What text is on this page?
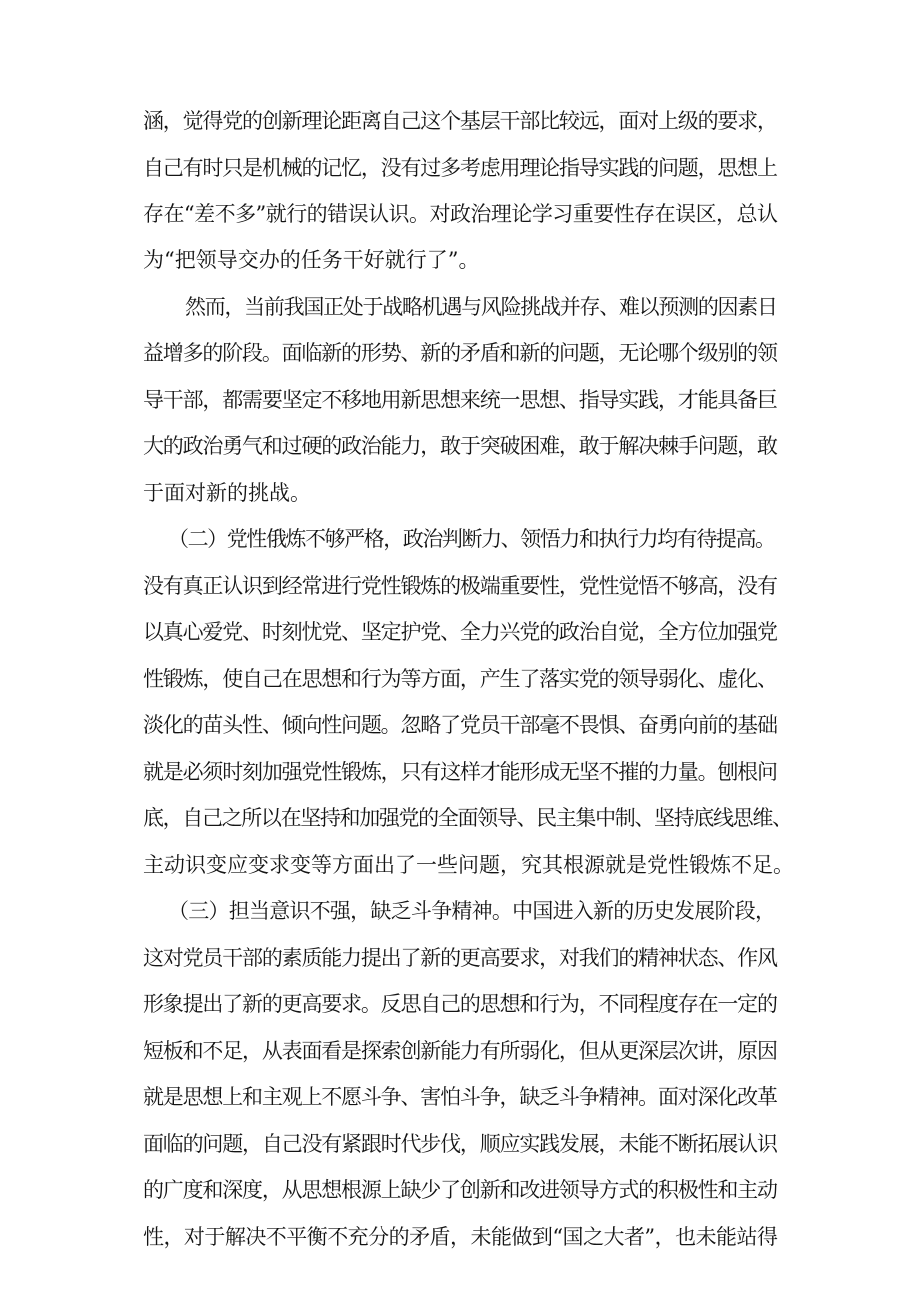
涵，觉得党的创新理论距离自己这个基层干部比较远，面对上级的要求，
自己有时只是机械的记忆，没有过多考虑用理论指导实践的问题，思想上
存在“差不多”就行的错误认识。对政治理论学习重要性存在误区，总认
为“把领导交办的任务干好就行了”。
然而，当前我国正处于战略机遇与风险挑战并存、难以预测的因素日
益增多的阶段。面临新的形势、新的矛盾和新的问题，无论哪个级别的领
导干部，都需要坚定不移地用新思想来统一思想、指导实践，才能具备巨
大的政治勇气和过硬的政治能力，敢于突破困难，敢于解决棘手问题，敢
于面对新的挑战。
（二）党性俄炼不够严格，政治判断力、领悟力和执行力均有待提高。
没有真正认识到经常进行党性锻炼的极端重要性，党性觉悟不够高，没有
以真心爱党、时刻忧党、坚定护党、全力兴党的政治自觉，全方位加强党
性锻炼，使自己在思想和行为等方面，产生了落实党的领导弱化、虚化、
淡化的苗头性、倾向性问题。忽略了党员干部毫不畏惧、奋勇向前的基础
就是必须时刻加强党性锻炼，只有这样才能形成无坚不摧的力量。刨根问
底，自己之所以在坚持和加强党的全面领导、民主集中制、坚持底线思维、
主动识变应变求变等方面出了一些问题，究其根源就是党性锻炼不足。
（三）担当意识不强，缺乏斗争精神。中国进入新的历史发展阶段，
这对党员干部的素质能力提出了新的更高要求，对我们的精神状态、作风
形象提出了新的更高要求。反思自己的思想和行为，不同程度存在一定的
短板和不足，从表面看是探索创新能力有所弱化，但从更深层次讲，原因
就是思想上和主观上不愿斗争、害怕斗争，缺乏斗争精神。面对深化改革
面临的问题，自己没有紧跟时代步伐，顺应实践发展，未能不断拓展认识
的广度和深度，从思想根源上缺少了创新和改进领导方式的积极性和主动
性，对于解决不平衡不充分的矛盾，未能做到“国之大者”，也未能站得
